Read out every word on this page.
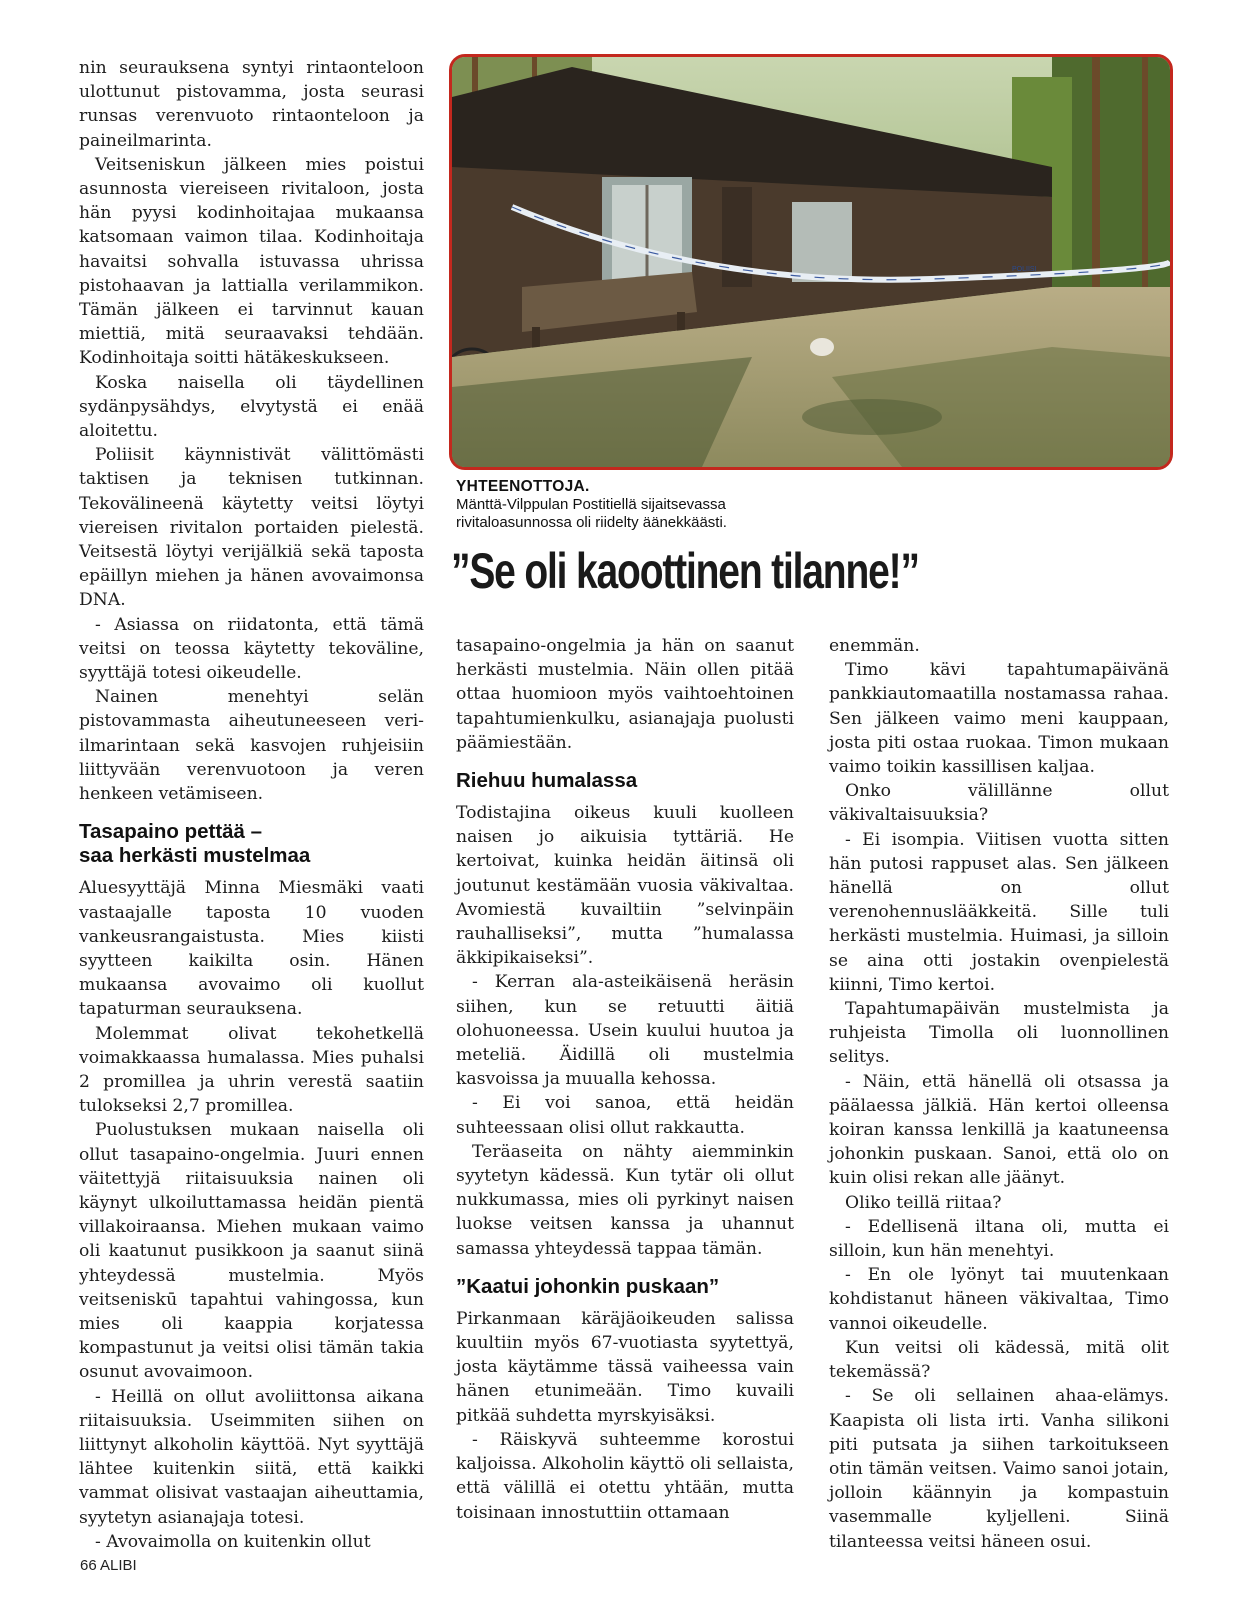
nin seurauksena syntyi rintaonteloon ulottunut pistovamma, josta seurasi runsas verenvuoto rintaonteloon ja paineilmarinta.

Veitseniskun jälkeen mies poistui asunnosta viereiseen rivitaloon, josta hän pyysi kodinhoitajaa mukaansa katsomaan vaimon tilaa. Kodinhoitaja havaitsi sohvalla istuvassa uhrissa pistohaavan ja lattialla verilammikon. Tämän jälkeen ei tarvinnut kauan miettiä, mitä seuraavaksi tehdään. Kodinhoitaja soitti hätäkeskukseen.

Koska naisella oli täydellinen sydänpysähdys, elvytystä ei enää aloitettu.

Poliisit käynnistivät välittömästi taktisen ja teknisen tutkinnan. Tekovälineenä käytetty veitsi löytyi viereisen rivitalon portaiden pielestä. Veitsestä löytyi verijälkiä sekä taposta epäillyn miehen ja hänen avovaimonsa DNA.

- Asiassa on riidatonta, että tämä veitsi on teossa käytetty tekoväline, syyttäjä totesi oikeudelle.

Nainen menehtyi selän pistovammasta aiheutuneeseen veri-ilmarintaan sekä kasvojen ruhjeisiin liittyvään verenvuotoon ja veren henkeen vetämiseen.

Tasapaino pettää –
saa herkästi mustelmaa

Aluesyyttäjä Minna Miesmäki vaati vastaajalle taposta 10 vuoden vankeusrangaistusta. Mies kiisti syytteen kaikilta osin. Hänen mukaansa avovaimo oli kuollut tapaturman seurauksena.

Molemmat olivat tekohetkellä voimakkaassa humalassa. Mies puhalsi 2 promillea ja uhrin verestä saatiin tulokseksi 2,7 promillea.

Puolustuksen mukaan naisella oli ollut tasapaino-ongelmia. Juuri ennen väitettyjä riitaisuuksia nainen oli käynyt ulkoiluttamassa heidän pientä villakoiraansa. Miehen mukaan vaimo oli kaatunut pusikkoon ja saanut siinä yhteydessä mustelmia. Myös veitseniskū tapahtui vahingossa, kun mies oli kaappia korjatessa kompastunut ja veitsi olisi tämän takia osunut avovaimoon.

- Heillä on ollut avoliittonsa aikana riitaisuuksia. Useimmiten siihen on liittynyt alkoholin käyttöä. Nyt syyttäjä lähtee kuitenkin siitä, että kaikki vammat olisivat vastaajan aiheuttamia, syytetyn asianajaja totesi.

- Avovaimolla on kuitenkin ollut

POLIISI
YHTEENOTTOJA.
Mänttä-Vilppulan Postitiellä sijaitsevassa
rivitaloasunnossa oli riidelty äänekkäästi.
”Se oli kaoottinen tilanne!”

tasapaino-ongelmia ja hän on saanut herkästi mustelmia. Näin ollen pitää ottaa huomioon myös vaihtoehtoinen tapahtumienkulku, asianajaja puolusti päämiestään.

Riehuu humalassa

Todistajina oikeus kuuli kuolleen naisen jo aikuisia tyttäriä. He kertoivat, kuinka heidän äitinsä oli joutunut kestämään vuosia väkivaltaa. Avomiestä kuvailtiin ”selvinpäin rauhalliseksi”, mutta ”humalassa äkkipikaiseksi”.

- Kerran ala-asteikäisenä heräsin siihen, kun se retuutti äitiä olohuoneessa. Usein kuului huutoa ja meteliä. Äidillä oli mustelmia kasvoissa ja muualla kehossa.

- Ei voi sanoa, että heidän suhteessaan olisi ollut rakkautta.

Teräaseita on nähty aiemminkin syytetyn kädessä. Kun tytär oli ollut nukkumassa, mies oli pyrkinyt naisen luokse veitsen kanssa ja uhannut samassa yhteydessä tappaa tämän.

”Kaatui johonkin puskaan”

Pirkanmaan käräjäoikeuden salissa kuultiin myös 67-vuotiasta syytettyä, josta käytämme tässä vaiheessa vain hänen etunimeään. Timo kuvaili pitkää suhdetta myrskyisäksi.

- Räiskyvä suhteemme korostui kaljoissa. Alkoholin käyttö oli sellaista, että välillä ei otettu yhtään, mutta toisinaan innostuttiin ottamaan

enemmän.

Timo kävi tapahtumapäivänä pankkiautomaatilla nostamassa rahaa. Sen jälkeen vaimo meni kauppaan, josta piti ostaa ruokaa. Timon mukaan vaimo toikin kassillisen kaljaa.

Onko välillänne ollut väkivaltaisuuksia?

- Ei isompia. Viitisen vuotta sitten hän putosi rappuset alas. Sen jälkeen hänellä on ollut verenohennuslääkkeitä. Sille tuli herkästi mustelmia. Huimasi, ja silloin se aina otti jostakin ovenpielestä kiinni, Timo kertoi.

Tapahtumapäivän mustelmista ja ruhjeista Timolla oli luonnollinen selitys.

- Näin, että hänellä oli otsassa ja päälaessa jälkiä. Hän kertoi olleensa koiran kanssa lenkillä ja kaatuneensa johonkin puskaan. Sanoi, että olo on kuin olisi rekan alle jäänyt.

Oliko teillä riitaa?

- Edellisenä iltana oli, mutta ei silloin, kun hän menehtyi.

- En ole lyönyt tai muutenkaan kohdistanut häneen väkivaltaa, Timo vannoi oikeudelle.

Kun veitsi oli kädessä, mitä olit tekemässä?

- Se oli sellainen ahaa-elämys. Kaapista oli lista irti. Vanha silikoni piti putsata ja siihen tarkoitukseen otin tämän veitsen. Vaimo sanoi jotain, jolloin käännyin ja kompastuin vasemmalle kyljelleni. Siinä tilanteessa veitsi häneen osui.

66 ALIBI
